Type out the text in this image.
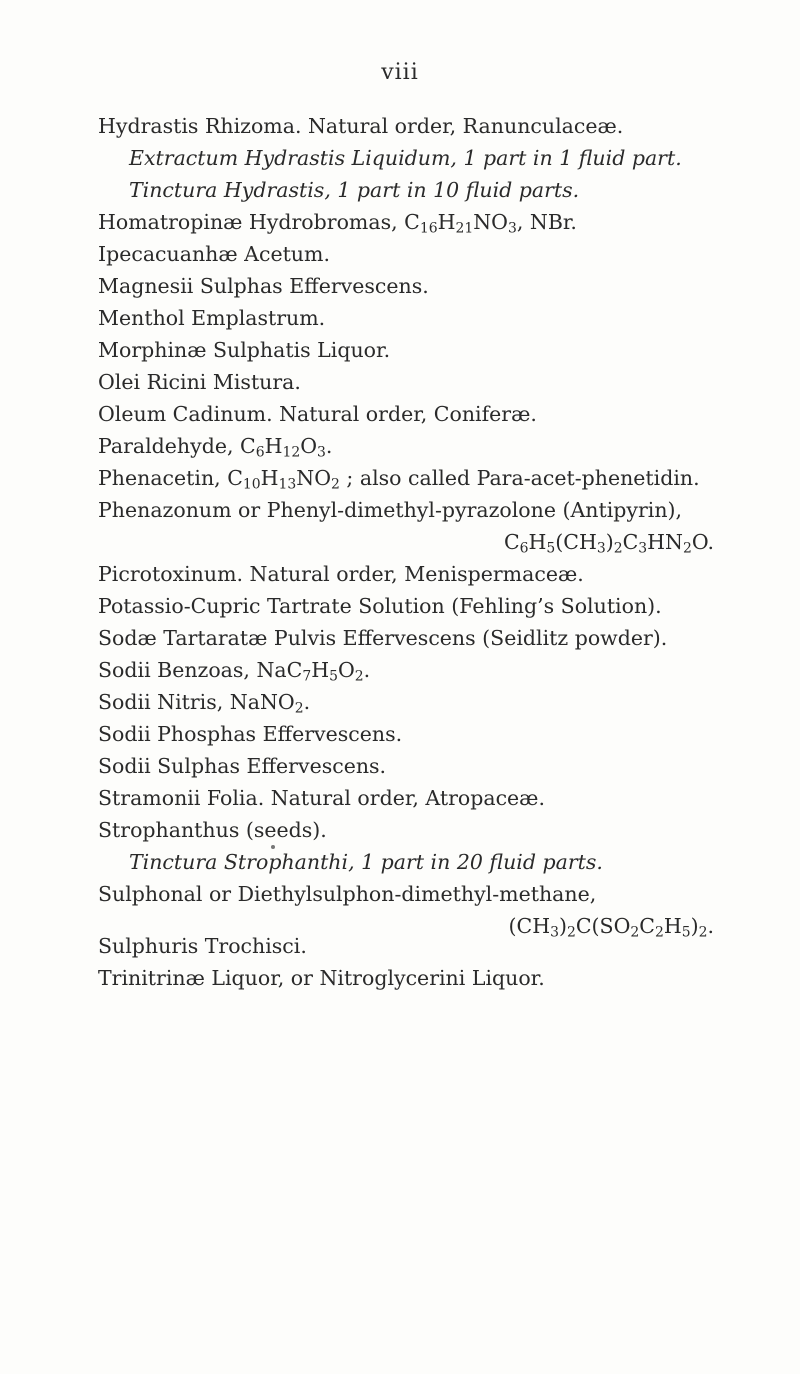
viii
Hydrastis Rhizoma. Natural order, Ranunculaceæ.
Extractum Hydrastis Liquidum, 1 part in 1 fluid part.
Tinctura Hydrastis, 1 part in 10 fluid parts.
Homatropinæ Hydrobromas, $C_{16}H_{21}NO_3$, NBr.
Ipecacuanhæ Acetum.
Magnesii Sulphas Effervescens.
Menthol Emplastrum.
Morphinæ Sulphatis Liquor.
Olei Ricini Mistura.
Oleum Cadinum. Natural order, Coniferæ.
Paraldehyde, $C_6H_{12}O_3$.
Phenacetin, $C_{10}H_{13}NO_2$ ; also called Para-acet-phenetidin.
Phenazonum or Phenyl-dimethyl-pyrazolone (Antipyrin),
$C_6H_5(CH_3)_2C_3HN_2O$.
Picrotoxinum. Natural order, Menispermaceæ.
Potassio-Cupric Tartrate Solution (Fehling’s Solution).
Sodæ Tartaratæ Pulvis Effervescens (Seidlitz powder).
Sodii Benzoas, $NaC_7H_5O_2$.
Sodii Nitris, NaNO$_2$.
Sodii Phosphas Effervescens.
Sodii Sulphas Effervescens.
Stramonii Folia. Natural order, Atropaceæ.
Strophanthus (seeds).
Tinctura Strophanthi, 1 part in 20 fluid parts.
Sulphonal or Diethylsulphon-dimethyl-methane,
$(CH_3)_2C(SO_2C_2H_5)_2$.
Sulphuris Trochisci.
Trinitrinæ Liquor, or Nitroglycerini Liquor.
